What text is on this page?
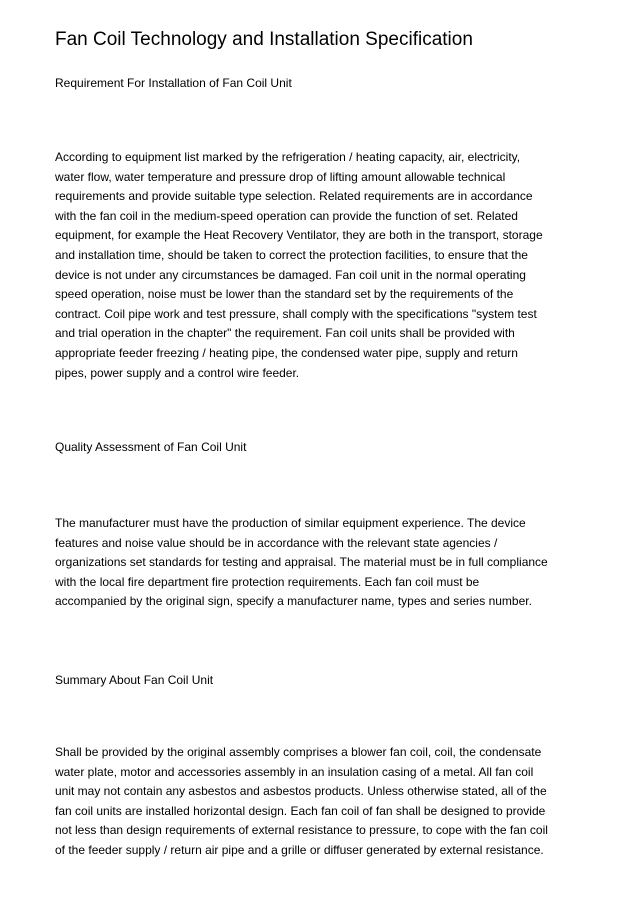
Fan Coil Technology and Installation Specification
Requirement For Installation of Fan Coil Unit

According to equipment list marked by the refrigeration / heating capacity, air, electricity,
water flow, water temperature and pressure drop of lifting amount allowable technical
requirements and provide suitable type selection. Related requirements are in accordance
with the fan coil in the medium-speed operation can provide the function of set. Related
equipment, for example the Heat Recovery Ventilator, they are both in the transport, storage
and installation time, should be taken to correct the protection facilities, to ensure that the
device is not under any circumstances be damaged. Fan coil unit in the normal operating
speed operation, noise must be lower than the standard set by the requirements of the
contract. Coil pipe work and test pressure, shall comply with the specifications "system test
and trial operation in the chapter" the requirement. Fan coil units shall be provided with
appropriate feeder freezing / heating pipe, the condensed water pipe, supply and return
pipes, power supply and a control wire feeder.

Quality Assessment of Fan Coil Unit

The manufacturer must have the production of similar equipment experience. The device
features and noise value should be in accordance with the relevant state agencies /
organizations set standards for testing and appraisal. The material must be in full compliance
with the local fire department fire protection requirements. Each fan coil must be
accompanied by the original sign, specify a manufacturer name, types and series number.

Summary About Fan Coil Unit

Shall be provided by the original assembly comprises a blower fan coil, coil, the condensate
water plate, motor and accessories assembly in an insulation casing of a metal. All fan coil
unit may not contain any asbestos and asbestos products. Unless otherwise stated, all of the
fan coil units are installed horizontal design. Each fan coil of fan shall be designed to provide
not less than design requirements of external resistance to pressure, to cope with the fan coil
of the feeder supply / return air pipe and a grille or diffuser generated by external resistance.
